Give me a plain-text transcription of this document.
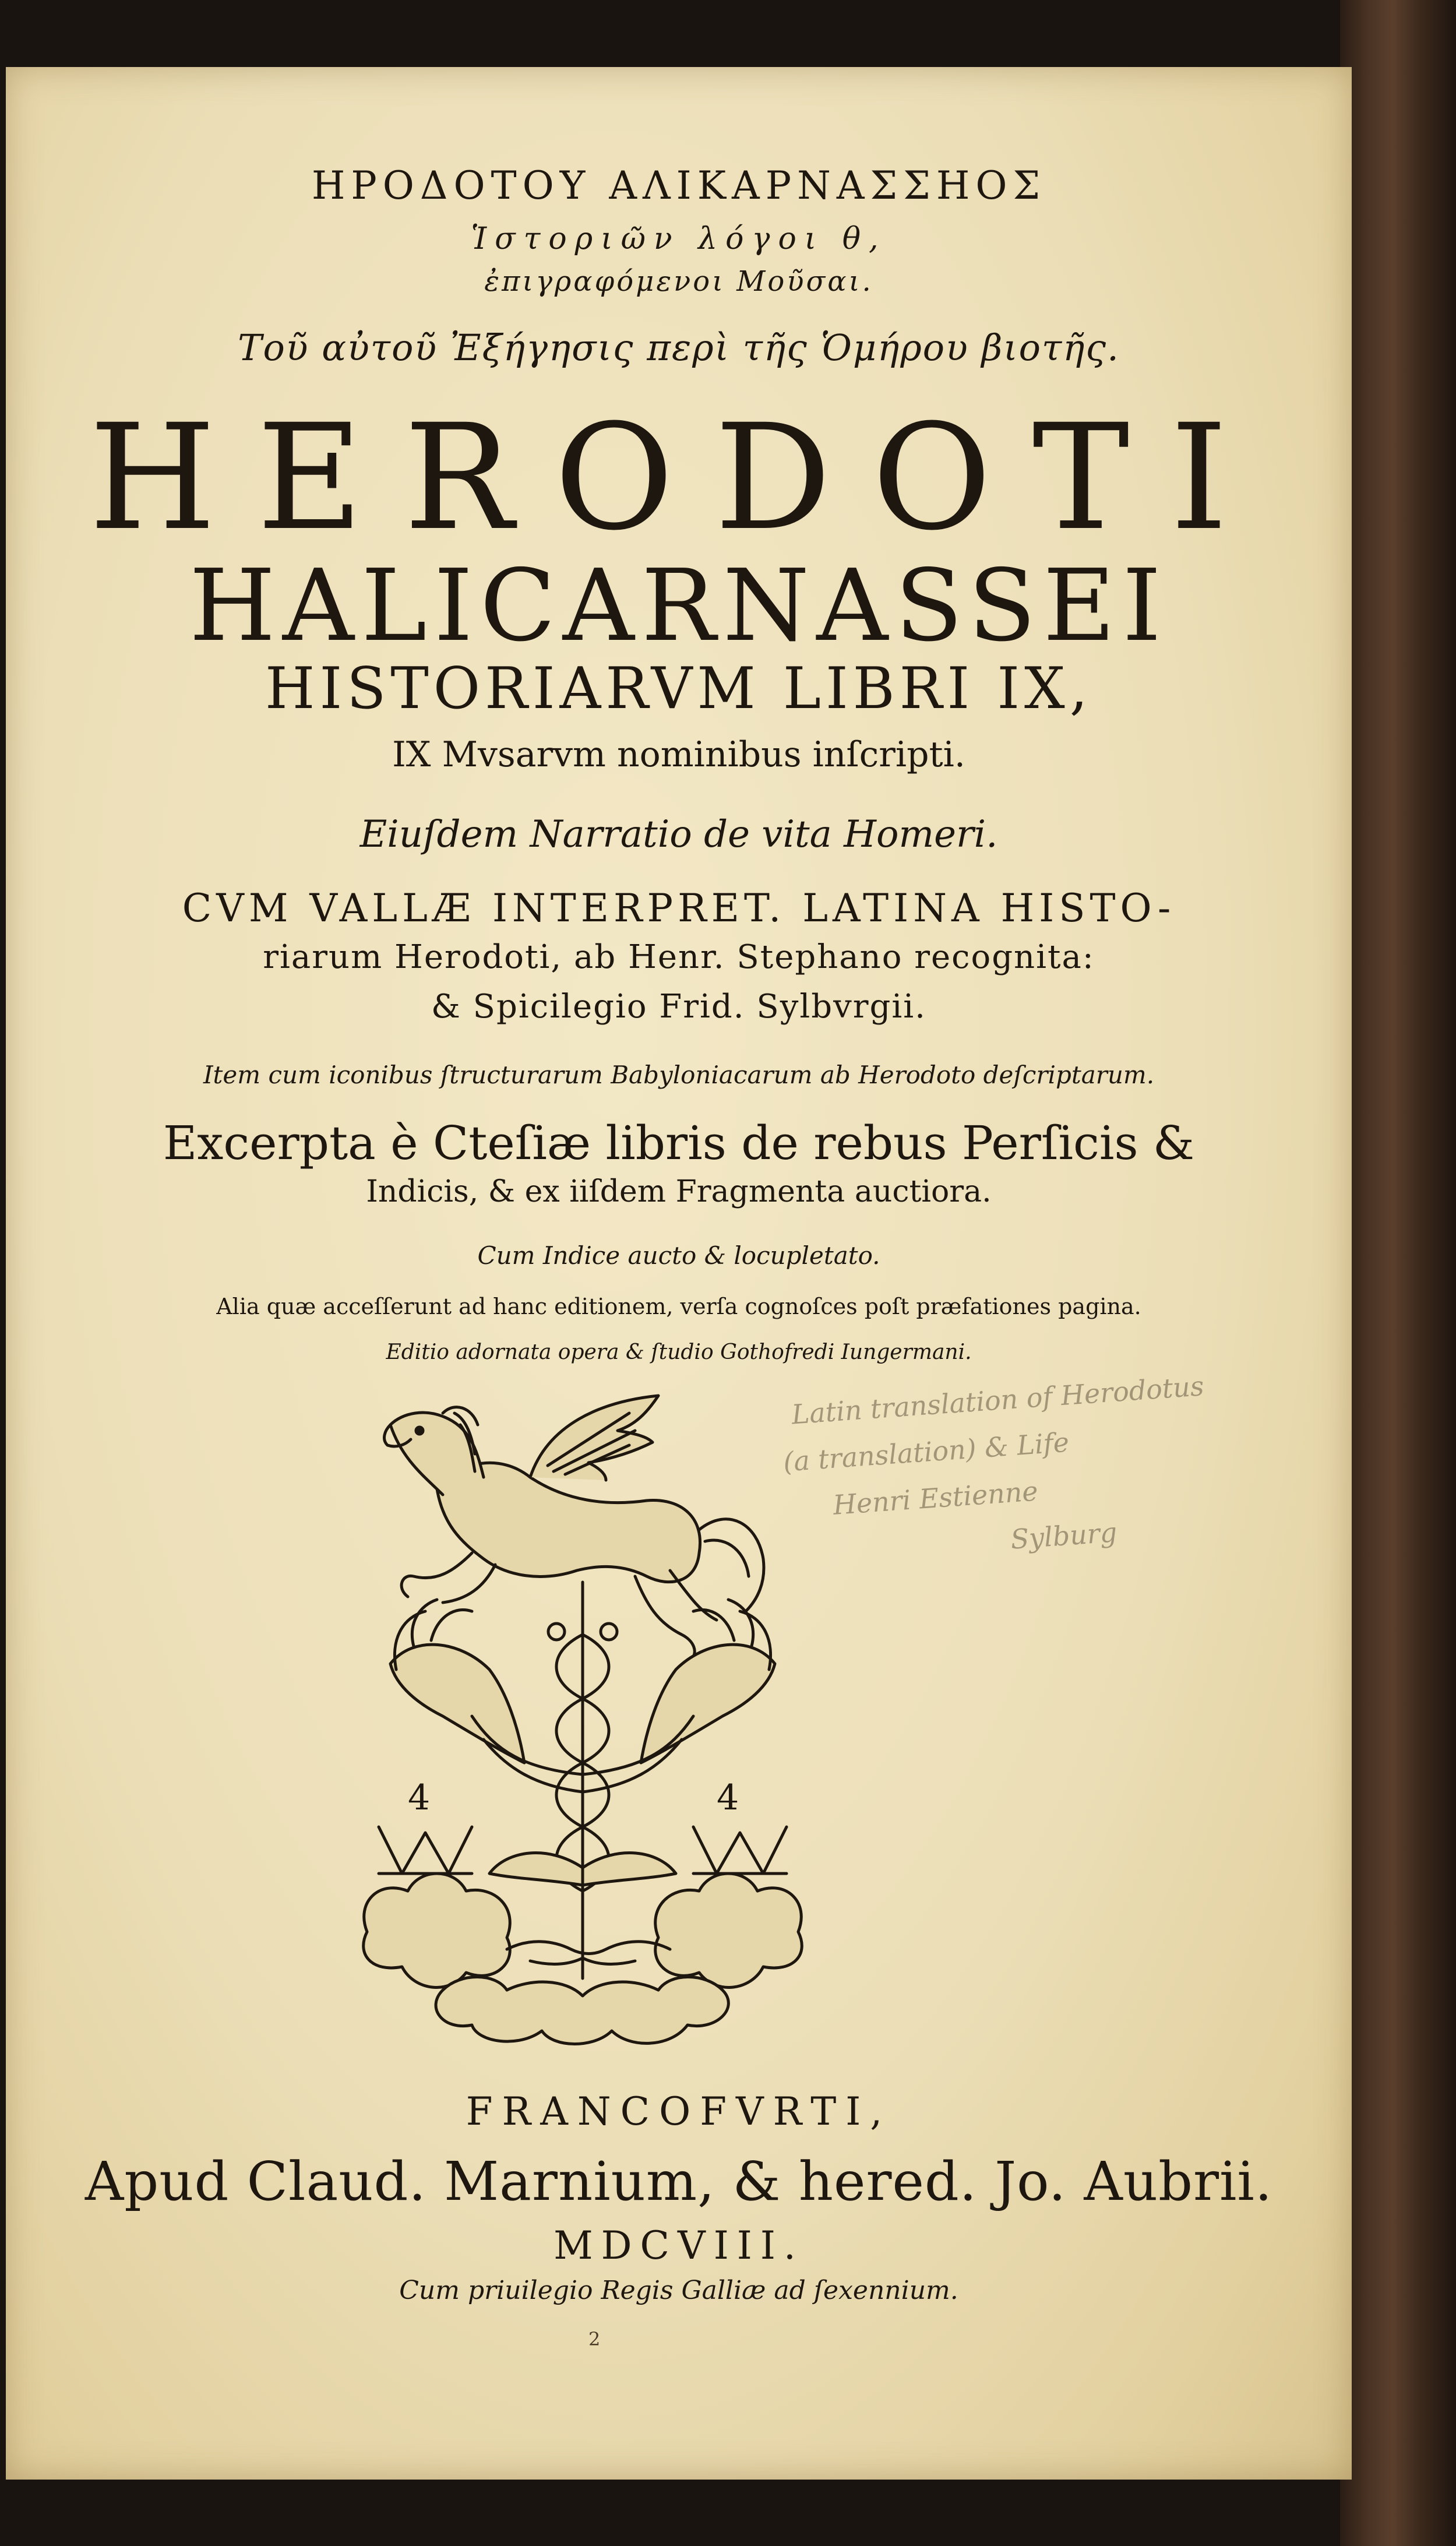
ΗΡΟΔΟΤΟΥ ΑΛΙΚΑΡΝΑΣΣΗΟΣ
Ἱστοριῶν λόγοι θ,
ἐπιγραφόμενοι Μοῦσαι.
Τοῦ αὐτοῦ Ἐξήγησις περὶ τῆς Ὁμήρου βιοτῆς.
HERODOTI
HALICARNASSEI
HISTORIARVM LIBRI IX,
IX Mvsarvm nominibus inſcripti.
Eiuſdem Narratio de vita Homeri.
CVM VALLÆ INTERPRET. LATINA HISTO-
riarum Herodoti, ab Henr. Stephano recognita:
& Spicilegio Frid. Sylbvrgii.
Item cum iconibus ſtructurarum Babyloniacarum ab Herodoto deſcriptarum.
Excerpta è Cteſiæ libris de rebus Perſicis &
Indicis, & ex iiſdem Fragmenta auctiora.
Cum Indice aucto & locupletato.
Alia quæ acceſſerunt ad hanc editionem, verſa cognoſces poſt præfationes pagina.
Editio adornata opera & ſtudio Gothofredi Iungermani.
Latin translation of Herodotus
(a translation) & Life
Henri Estienne
Sylburg
4	4
FRANCOFVRTI,
Apud Claud. Marnium, & hered. Jo. Aubrii.
MDCVIII.
Cum priuilegio Regis Galliæ ad ſexennium.
2
